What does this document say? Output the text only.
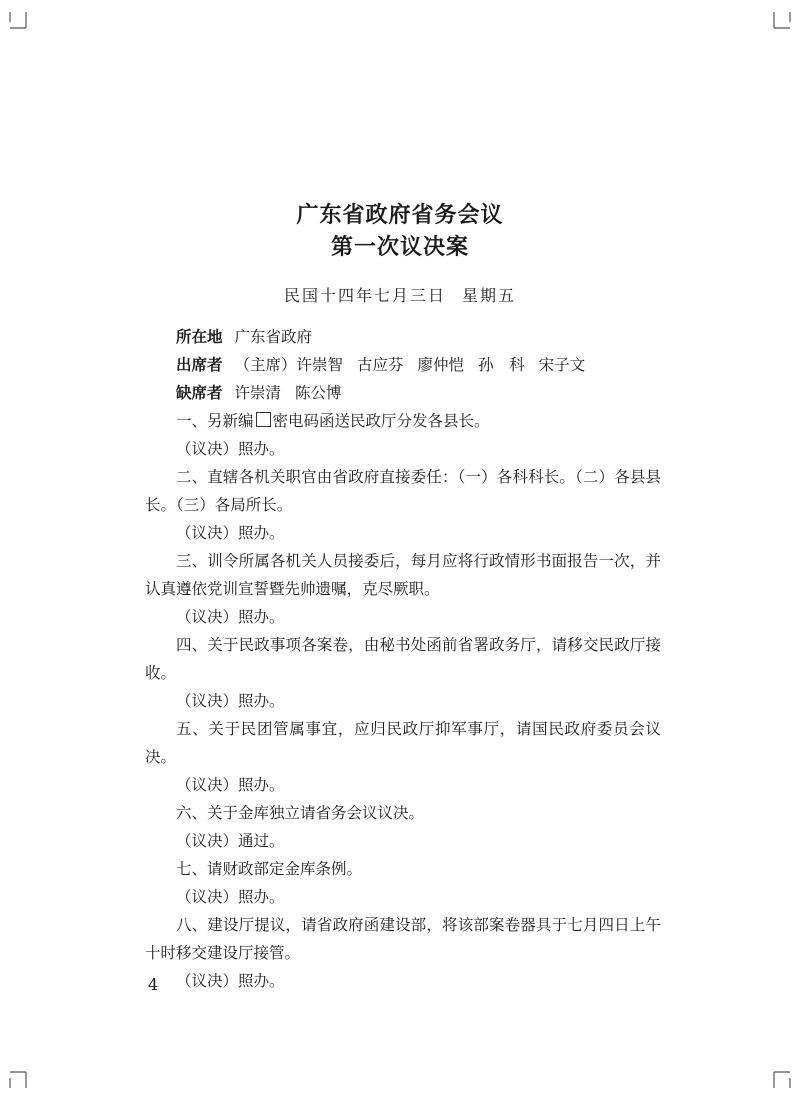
广东省政府省务会议
第一次议决案
民国十四年七月三日 星期五

所在地 广东省政府

出席者 （主席）许崇智 古应芬 廖仲恺 孙　科 宋子文

缺席者 许崇清 陈公博

一、另新编 密电码函送民政厅分发各县长。

（议决）照办。

二、直辖各机关职官由省政府直接委任：（一）各科科长。（二）各县县长。（三）各局所长。

（议决）照办。

三、训令所属各机关人员接委后，每月应将行政情形书面报告一次，并认真遵依党训宣誓暨先帅遗嘱，克尽厥职。

（议决）照办。

四、关于民政事项各案卷，由秘书处函前省署政务厅，请移交民政厅接收。

（议决）照办。

五、关于民团管属事宜，应归民政厅抑军事厅，请国民政府委员会议决。

（议决）照办。

六、关于金库独立请省务会议议决。

（议决）通过。

七、请财政部定金库条例。

（议决）照办。

八、建设厅提议，请省政府函建设部，将该部案卷器具于七月四日上午十时移交建设厅接管。

（议决）照办。

4
